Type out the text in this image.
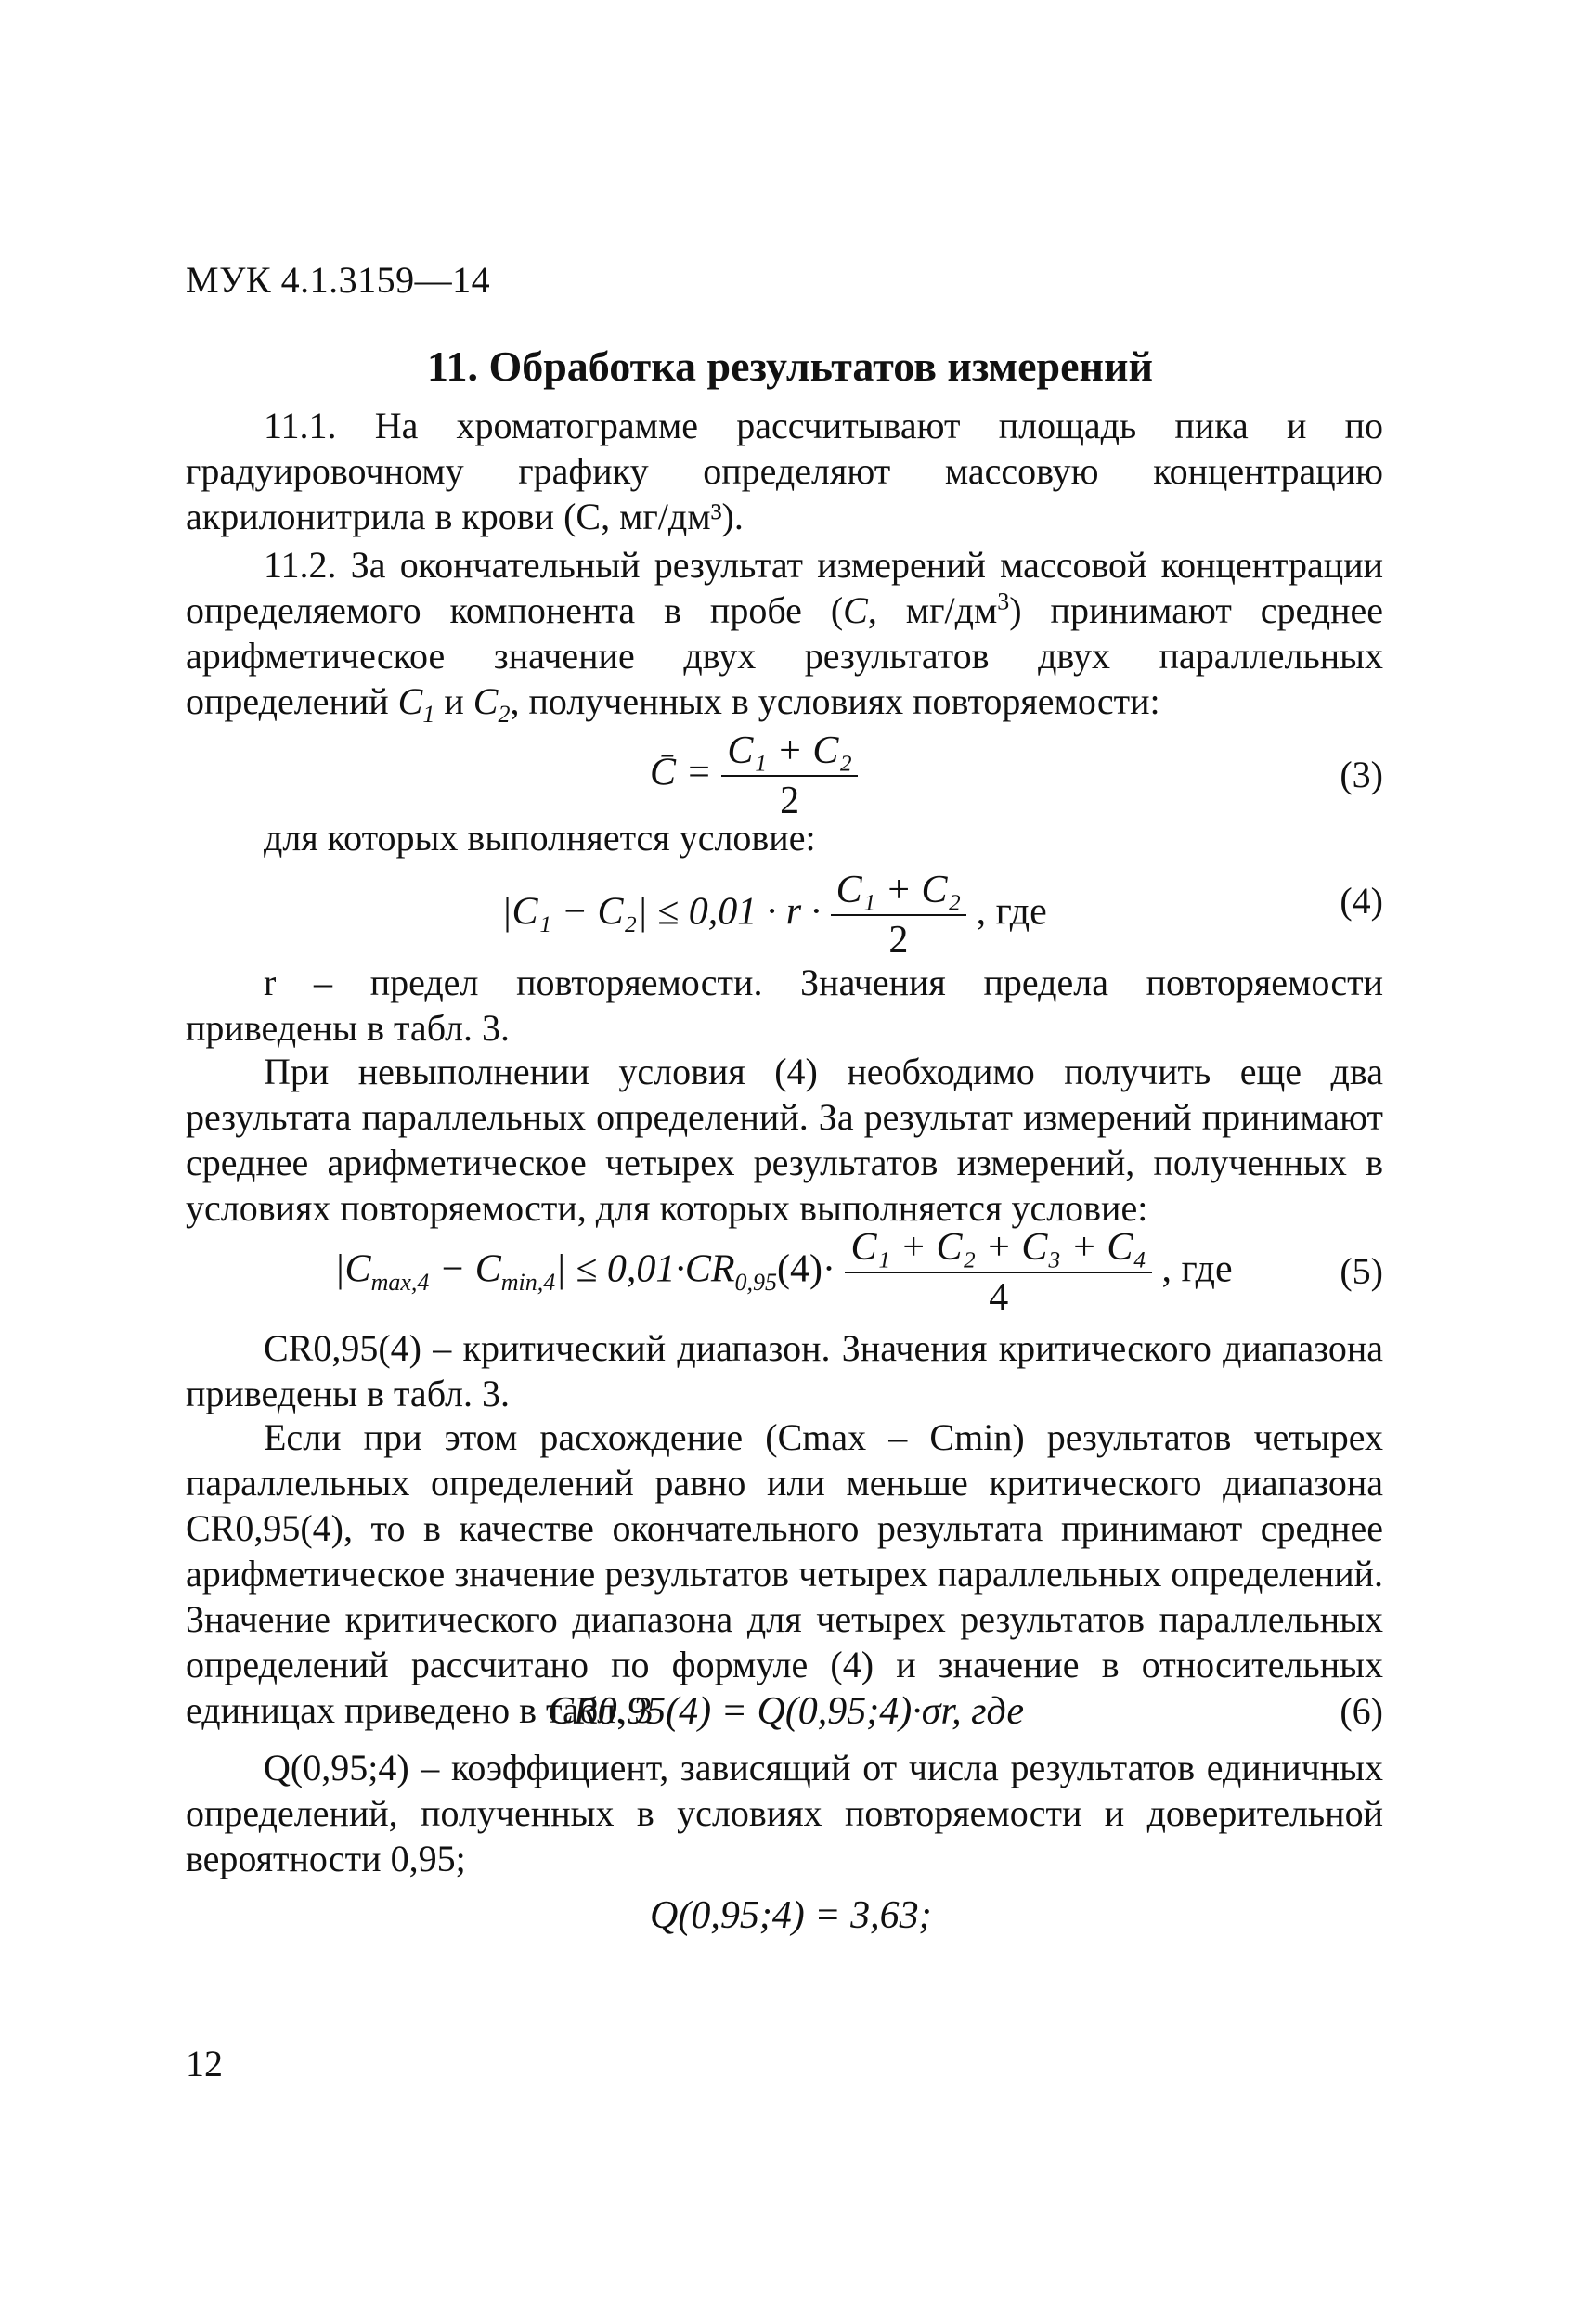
МУК 4.1.3159—14
11. Обработка результатов измерений
11.1. На хроматограмме рассчитывают площадь пика и по градуировочному графику определяют массовую концентрацию акрилонитрила в крови (С, мг/дм³).
11.2. За окончательный результат измерений массовой концентрации определяемого компонента в пробе (С, $мг/дм^3$) принимают среднее арифметическое значение двух результатов двух параллельных определений $C_1$ и $C_2$, полученных в условиях повторяемости:
C̄ = $\frac{\text{C₁ + C₂}}{2}$	(3)
для которых выполняется условие:
$|C_1 - C_2| \le 0,01 \cdot r \cdot \frac{\text{C₁ + C₂}}{2}$ , где	(4)
r – предел повторяемости. Значения предела повторяемости приведены в табл. 3.
При невыполнении условия (4) необходимо получить еще два результата параллельных определений. За результат измерений принимают среднее арифметическое четырех результатов измерений, полученных в условиях повторяемости, для которых выполняется условие:
$|C_{max,4} - C_{min,4}| \le 0,01\cdot CR_{0,95}(4)\cdot \frac{\text{C₁ + C₂ + C₃ + C₄}}{4}$ , где	(5)
CR0,95(4) – критический диапазон. Значения критического диапазона приведены в табл. 3.
Если при этом расхождение (Cmax – Cmin) результатов четырех параллельных определений равно или меньше критического диапазона CR0,95(4), то в качестве окончательного результата принимают среднее арифметическое значение результатов четырех параллельных определений. Значение критического диапазона для четырех результатов параллельных определений рассчитано по формуле (4) и значение в относительных единицах приведено в табл. 3
CR0,95(4) = Q(0,95;4)·σr, где	(6)
Q(0,95;4) – коэффициент, зависящий от числа результатов единичных определений, полученных в условиях повторяемости и доверительной вероятности 0,95;
Q(0,95;4) = 3,63;
12
